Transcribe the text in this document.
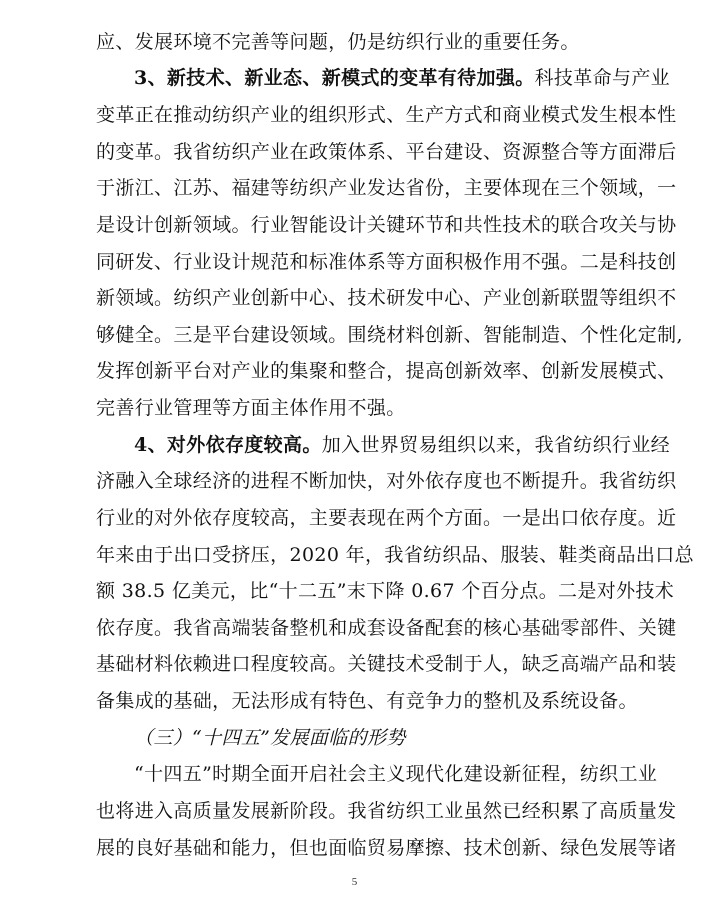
应、发展环境不完善等问题，仍是纺织行业的重要任务。
3、新技术、新业态、新模式的变革有待加强。科技革命与产业
变革正在推动纺织产业的组织形式、生产方式和商业模式发生根本性
的变革。我省纺织产业在政策体系、平台建设、资源整合等方面滞后
于浙江、江苏、福建等纺织产业发达省份，主要体现在三个领域，一
是设计创新领域。行业智能设计关键环节和共性技术的联合攻关与协
同研发、行业设计规范和标准体系等方面积极作用不强。二是科技创
新领域。纺织产业创新中心、技术研发中心、产业创新联盟等组织不
够健全。三是平台建设领域。围绕材料创新、智能制造、个性化定制,
发挥创新平台对产业的集聚和整合，提高创新效率、创新发展模式、
完善行业管理等方面主体作用不强。
4、对外依存度较高。加入世界贸易组织以来，我省纺织行业经
济融入全球经济的进程不断加快，对外依存度也不断提升。我省纺织
行业的对外依存度较高，主要表现在两个方面。一是出口依存度。近
年来由于出口受挤压，2020 年，我省纺织品、服装、鞋类商品出口总
额 38.5 亿美元，比“十二五”末下降 0.67 个百分点。二是对外技术
依存度。我省高端装备整机和成套设备配套的核心基础零部件、关键
基础材料依赖进口程度较高。关键技术受制于人，缺乏高端产品和装
备集成的基础，无法形成有特色、有竞争力的整机及系统设备。
（三）“十四五”发展面临的形势
“十四五”时期全面开启社会主义现代化建设新征程，纺织工业
也将进入高质量发展新阶段。我省纺织工业虽然已经积累了高质量发
展的良好基础和能力，但也面临贸易摩擦、技术创新、绿色发展等诸
5
